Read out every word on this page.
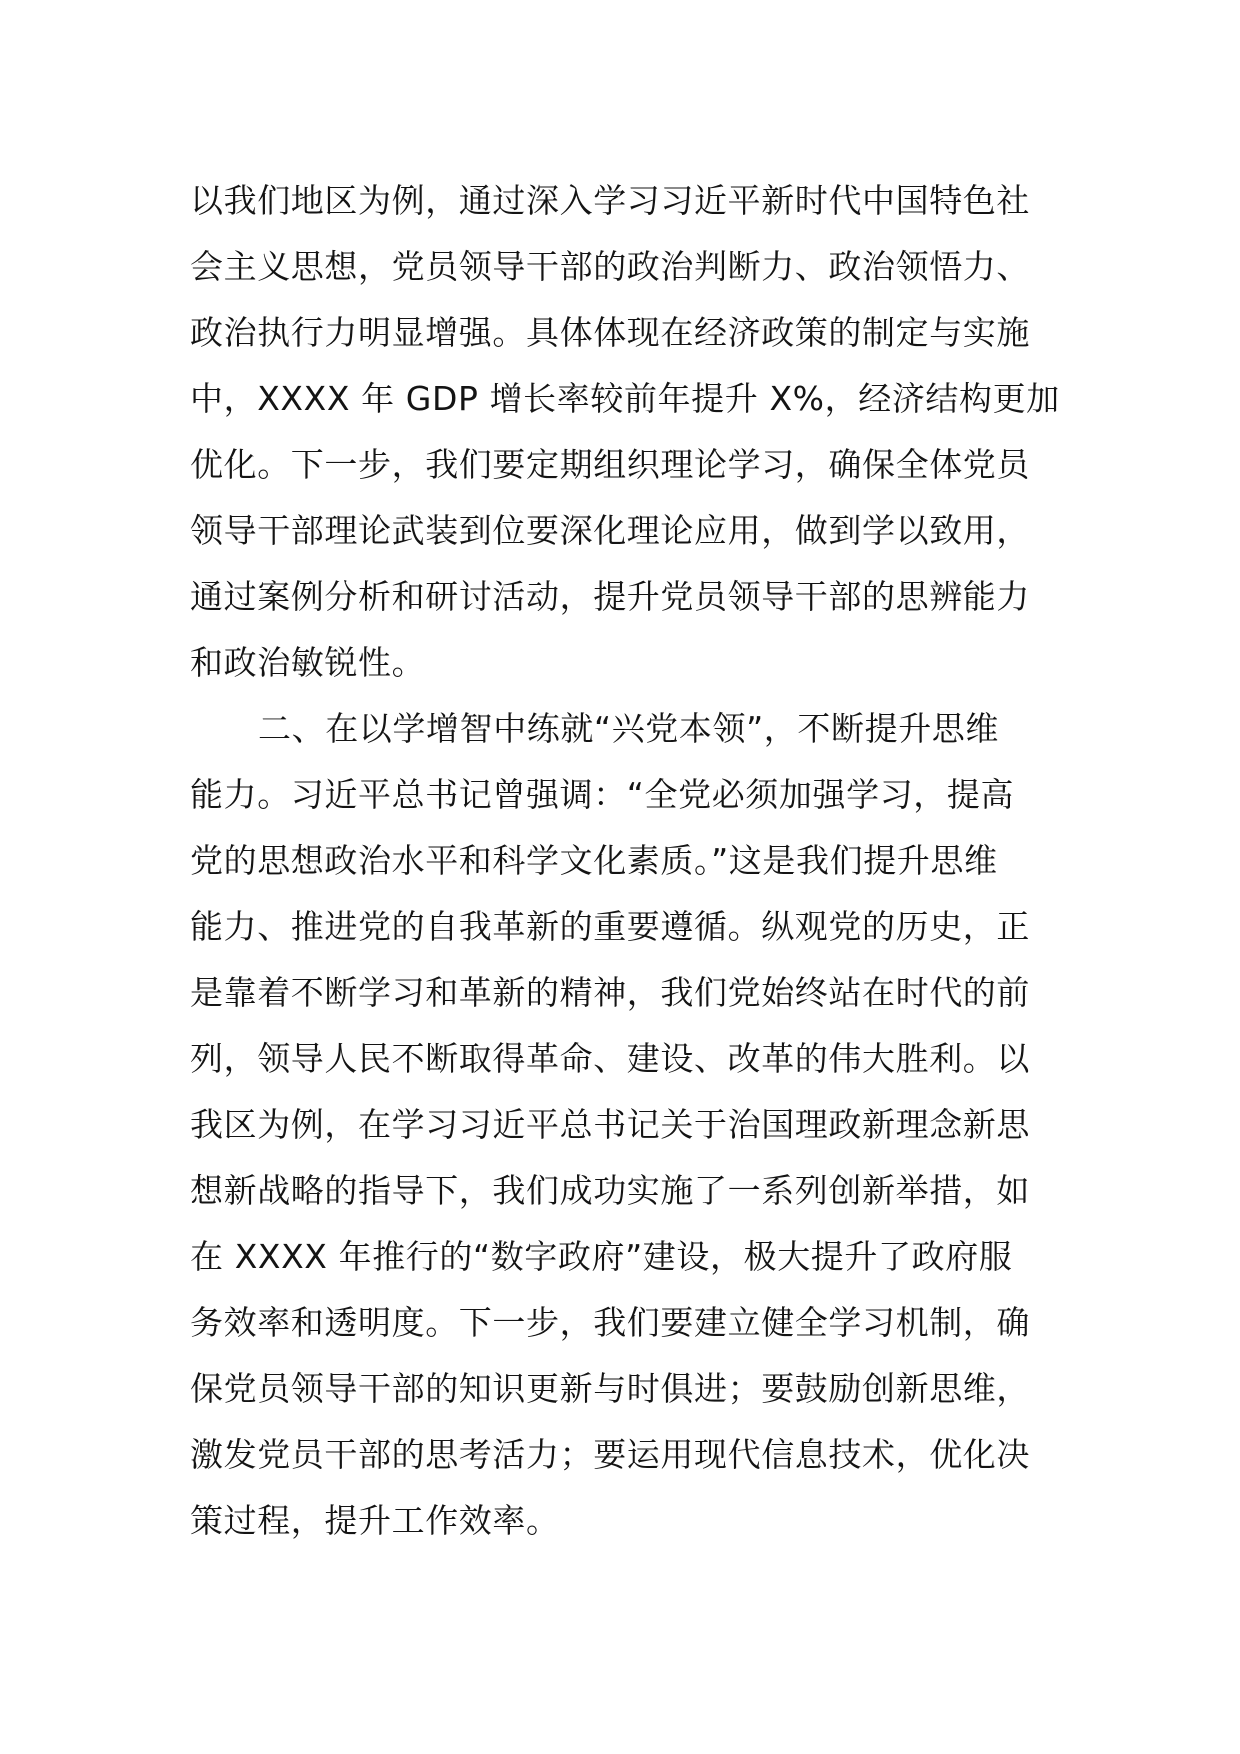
以我们地区为例，通过深入学习习近平新时代中国特色社
会主义思想，党员领导干部的政治判断力、政治领悟力、
政治执行力明显增强。具体体现在经济政策的制定与实施
中，XXXX 年 GDP 增长率较前年提升 X%，经济结构更加
优化。下一步，我们要定期组织理论学习，确保全体党员
领导干部理论武装到位要深化理论应用，做到学以致用，
通过案例分析和研讨活动，提升党员领导干部的思辨能力
和政治敏锐性。
二、在以学增智中练就“兴党本领”，不断提升思维
能力。习近平总书记曾强调：“全党必须加强学习，提高
党的思想政治水平和科学文化素质。”这是我们提升思维
能力、推进党的自我革新的重要遵循。纵观党的历史，正
是靠着不断学习和革新的精神，我们党始终站在时代的前
列，领导人民不断取得革命、建设、改革的伟大胜利。以
我区为例，在学习习近平总书记关于治国理政新理念新思
想新战略的指导下，我们成功实施了一系列创新举措，如
在 XXXX 年推行的“数字政府”建设，极大提升了政府服
务效率和透明度。下一步，我们要建立健全学习机制，确
保党员领导干部的知识更新与时俱进；要鼓励创新思维，
激发党员干部的思考活力；要运用现代信息技术，优化决
策过程，提升工作效率。
